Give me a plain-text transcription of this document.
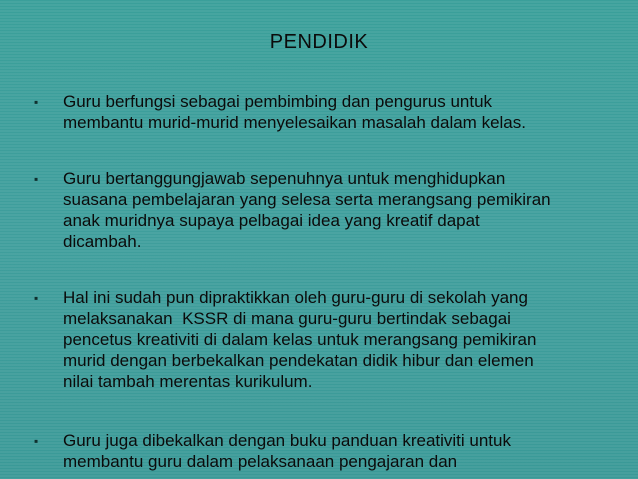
PENDIDIK
▪ Guru berfungsi sebagai pembimbing dan pengurus untuk
membantu murid-murid menyelesaikan masalah dalam kelas.
▪ Guru bertanggungjawab sepenuhnya untuk menghidupkan
suasana pembelajaran yang selesa serta merangsang pemikiran
anak muridnya supaya pelbagai idea yang kreatif dapat
dicambah.
▪ Hal ini sudah pun dipraktikkan oleh guru-guru di sekolah yang
melaksanakan  KSSR di mana guru-guru bertindak sebagai
pencetus kreativiti di dalam kelas untuk merangsang pemikiran
murid dengan berbekalkan pendekatan didik hibur dan elemen
nilai tambah merentas kurikulum.
▪ Guru juga dibekalkan dengan buku panduan kreativiti untuk
membantu guru dalam pelaksanaan pengajaran dan
